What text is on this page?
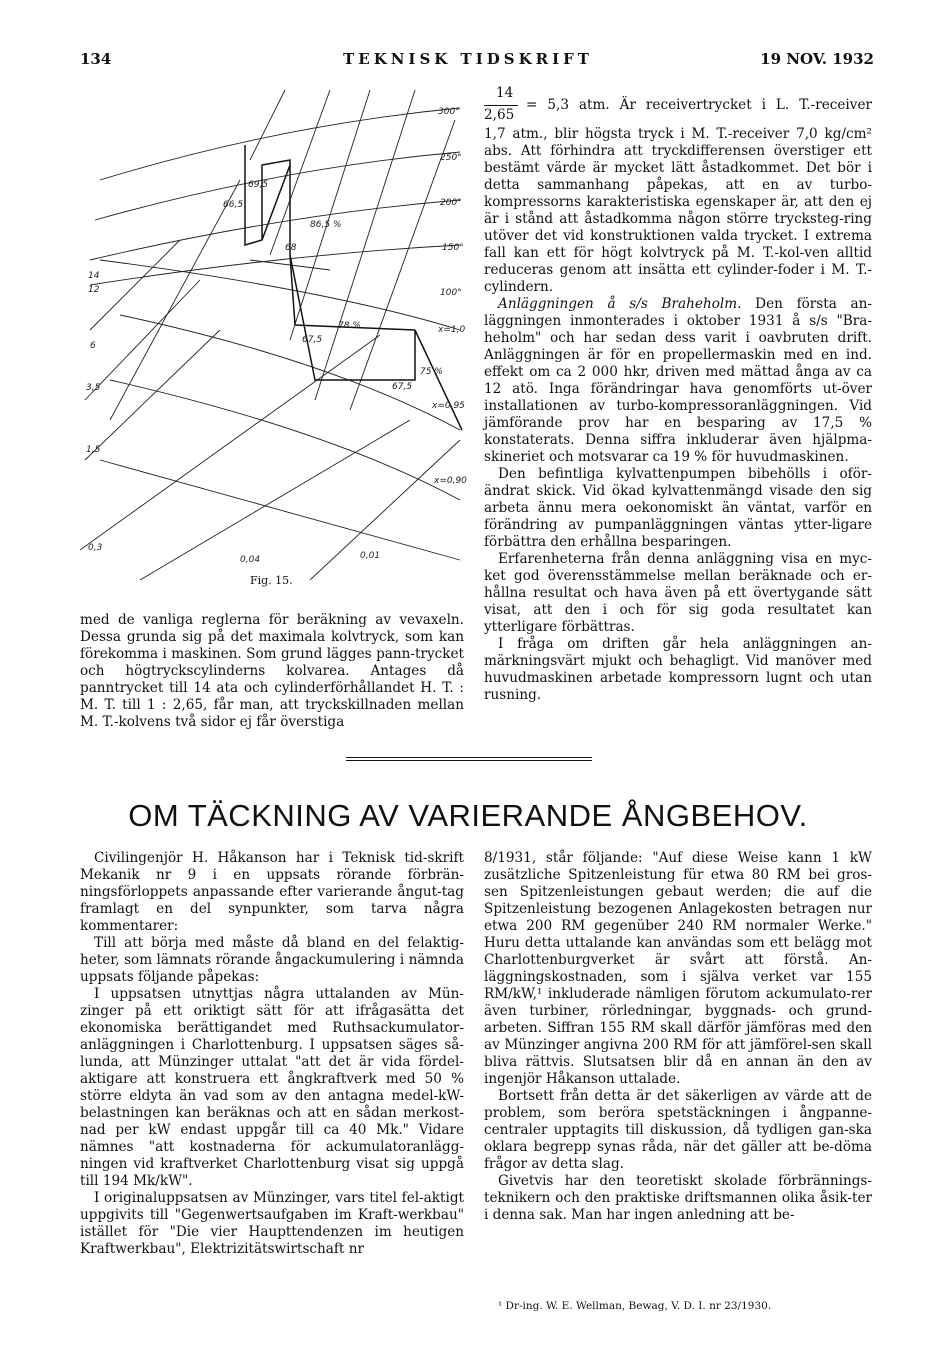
134	TEKNISK TIDSKRIFT	19 NOV. 1932
300°
250°
200°
150°
100°
x=1,0
x=0,95
x=0,90
86,5 %
78 %
75 %
66,5
69,5
68
67,5
67,5
14
12
6
3,5
1,5
0,3
0,04	0,01
Fig. 15.
14
2,65
= 5,3 atm. Är receivertrycket i L. T.-receiver

1,7 atm., blir högsta tryck i M. T.-receiver 7,0 kg/cm² abs. Att förhindra att tryckdifferensen överstiger ett bestämt värde är mycket lätt åstadkommet. Det bör i detta sammanhang påpekas, att en av turbo-kompressorns karakteristiska egenskaper är, att den ej är i stånd att åstadkomma någon större trycksteg-ring utöver det vid konstruktionen valda trycket. I extrema fall kan ett för högt kolvtryck på M. T.-kol-ven alltid reduceras genom att insätta ett cylinder-foder i M. T.-cylindern.

Anläggningen å s/s Braheholm. Den första an-läggningen inmonterades i oktober 1931 å s/s "Bra-heholm" och har sedan dess varit i oavbruten drift. Anläggningen är för en propellermaskin med en ind. effekt om ca 2 000 hkr, driven med mättad ånga av ca 12 atö. Inga förändringar hava genomförts ut-över installationen av turbo-kompressoranläggningen. Vid jämförande prov har en besparing av 17,5 % konstaterats. Denna siffra inkluderar även hjälpma-skineriet och motsvarar ca 19 % för huvudmaskinen.

Den befintliga kylvattenpumpen bibehölls i oför-ändrat skick. Vid ökad kylvattenmängd visade den sig arbeta ännu mera oekonomiskt än väntat, varför en förändring av pumpanläggningen väntas ytter-ligare förbättra den erhållna besparingen.

Erfarenheterna från denna anläggning visa en myc-ket god överensstämmelse mellan beräknade och er-hållna resultat och hava även på ett övertygande sätt visat, att den i och för sig goda resultatet kan ytterligare förbättras.

I fråga om driften går hela anläggningen an-märkningsvärt mjukt och behagligt. Vid manöver med huvudmaskinen arbetade kompressorn lugnt och utan rusning.

med de vanliga reglerna för beräkning av vevaxeln. Dessa grunda sig på det maximala kolvtryck, som kan förekomma i maskinen. Som grund lägges pann-trycket och högtryckscylinderns kolvarea. Antages då panntrycket till 14 ata och cylinderförhållandet H. T. : M. T. till 1 : 2,65, får man, att tryckskillnaden mellan M. T.-kolvens två sidor ej får överstiga

OM TÄCKNING AV VARIERANDE ÅNGBEHOV.

Civilingenjör H. Håkanson har i Teknisk tid-skrift Mekanik nr 9 i en uppsats rörande förbrän-ningsförloppets anpassande efter varierande ångut-tag framlagt en del synpunkter, som tarva några kommentarer:

Till att börja med måste då bland en del felaktig-heter, som lämnats rörande ångackumulering i nämnda uppsats följande påpekas:

I uppsatsen utnyttjas några uttalanden av Mün-zinger på ett oriktigt sätt för att ifrågasätta det ekonomiska berättigandet med Ruthsackumulator-anläggningen i Charlottenburg. I uppsatsen säges så-lunda, att Münzinger uttalat "att det är vida fördel-aktigare att konstruera ett ångkraftverk med 50 % större eldyta än vad som av den antagna medel-kW-belastningen kan beräknas och att en sådan merkost-nad per kW endast uppgår till ca 40 Mk." Vidare nämnes "att kostnaderna för ackumulatoranlägg-ningen vid kraftverket Charlottenburg visat sig uppgå till 194 Mk/kW".

I originaluppsatsen av Münzinger, vars titel fel-aktigt uppgivits till "Gegenwertsaufgaben im Kraft-werkbau" istället för "Die vier Haupttendenzen im heutigen Kraftwerkbau", Elektrizitätswirtschaft nr

8/1931, står följande: "Auf diese Weise kann 1 kW zusätzliche Spitzenleistung für etwa 80 RM bei gros-sen Spitzenleistungen gebaut werden; die auf die Spitzenleistung bezogenen Anlagekosten betragen nur etwa 200 RM gegenüber 240 RM normaler Werke." Huru detta uttalande kan användas som ett belägg mot Charlottenburgverket är svårt att förstå. An-läggningskostnaden, som i själva verket var 155 RM/kW,¹ inkluderade nämligen förutom ackumulato-rer även turbiner, rörledningar, byggnads- och grund-arbeten. Siffran 155 RM skall därför jämföras med den av Münzinger angivna 200 RM för att jämförel-sen skall bliva rättvis. Slutsatsen blir då en annan än den av ingenjör Håkanson uttalade.

Bortsett från detta är det säkerligen av värde att de problem, som beröra spetstäckningen i ångpanne-centraler upptagits till diskussion, då tydligen gan-ska oklara begrepp synas råda, när det gäller att be-döma frågor av detta slag.

Givetvis har den teoretiskt skolade förbrännings-teknikern och den praktiske driftsmannen olika åsik-ter i denna sak. Man har ingen anledning att be-

¹ Dr-ing. W. E. Wellman, Bewag, V. D. I. nr 23/1930.
